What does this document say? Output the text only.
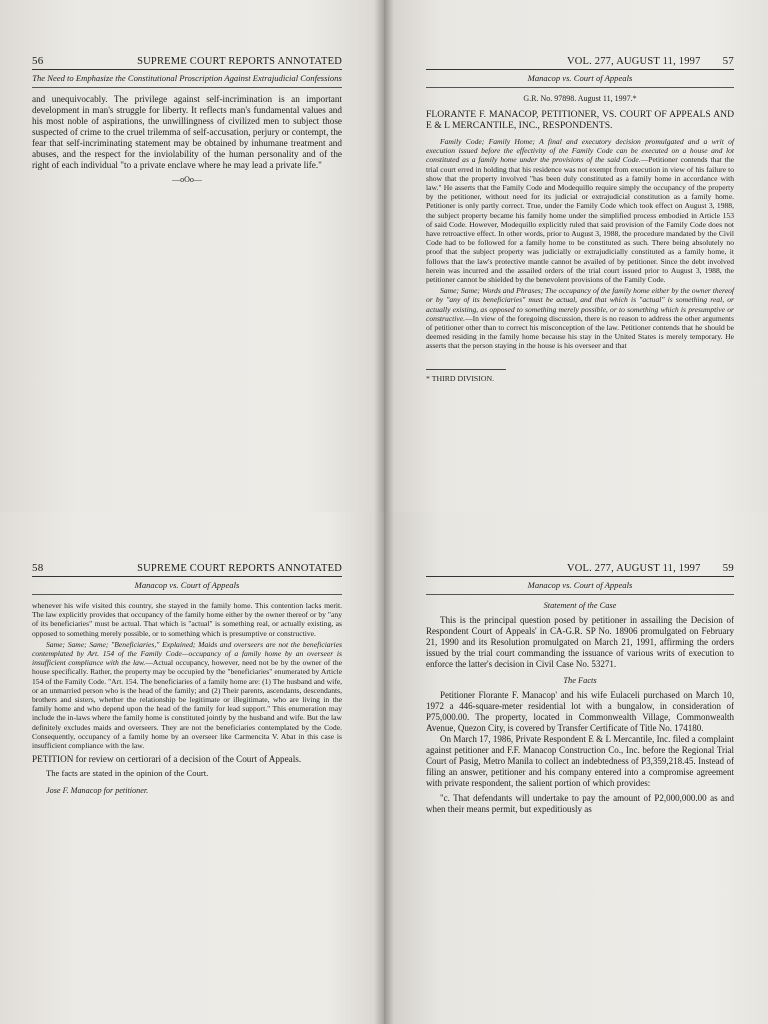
56	SUPREME COURT REPORTS ANNOTATED
The Need to Emphasize the Constitutional Proscription Against Extrajudicial Confessions

and unequivocably. The privilege against self-incrimination is an important development in man's struggle for liberty. It reflects man's fundamental values and his most noble of aspirations, the unwillingness of civilized men to subject those suspected of crime to the cruel trilemma of self-accusation, perjury or contempt, the fear that self-incriminating statement may be obtained by inhumane treatment and abuses, and the respect for the inviolability of the human personality and of the right of each individual "to a private enclave where he may lead a private life."

—oOo—
VOL. 277, AUGUST 11, 1997	57
Manacop vs. Court of Appeals
G.R. No. 97898. August 11, 1997.*

FLORANTE F. MANACOP, PETITIONER, VS. COURT OF APPEALS AND E & L MERCANTILE, INC., RESPONDENTS.

Family Code; Family Home; A final and executory decision promulgated and a writ of execution issued before the effectivity of the Family Code can be executed on a house and lot constituted as a family home under the provisions of the said Code.—Petitioner contends that the trial court erred in holding that his residence was not exempt from execution in view of his failure to show that the property involved "has been duly constituted as a family home in accordance with law." He asserts that the Family Code and Modequillo require simply the occupancy of the property by the petitioner, without need for its judicial or extrajudicial constitution as a family home. Petitioner is only partly correct. True, under the Family Code which took effect on August 3, 1988, the subject property became his family home under the simplified process embodied in Article 153 of said Code. However, Modequillo explicitly ruled that said provision of the Family Code does not have retroactive effect. In other words, prior to August 3, 1988, the procedure mandated by the Civil Code had to be followed for a family home to be constituted as such. There being absolutely no proof that the subject property was judicially or extrajudicially constituted as a family home, it follows that the law's protective mantle cannot be availed of by petitioner. Since the debt involved herein was incurred and the assailed orders of the trial court issued prior to August 3, 1988, the petitioner cannot be shielded by the benevolent provisions of the Family Code.

Same; Same; Words and Phrases; The occupancy of the family home either by the owner thereof or by "any of its beneficiaries" must be actual, and that which is "actual" is something real, or actually existing, as opposed to something merely possible, or to something which is presumptive or constructive.—In view of the foregoing discussion, there is no reason to address the other arguments of petitioner other than to correct his misconception of the law. Petitioner contends that he should be deemed residing in the family home because his stay in the United States is merely temporary. He asserts that the person staying in the house is his overseer and that

* THIRD DIVISION.
58	SUPREME COURT REPORTS ANNOTATED
Manacop vs. Court of Appeals

whenever his wife visited this country, she stayed in the family home. This contention lacks merit. The law explicitly provides that occupancy of the family home either by the owner thereof or by "any of its beneficiaries" must be actual. That which is "actual" is something real, or actually existing, as opposed to something merely possible, or to something which is presumptive or constructive.

Same; Same; Same; "Beneficiaries," Explained; Maids and overseers are not the beneficiaries contemplated by Art. 154 of the Family Code—occupancy of a family home by an overseer is insufficient compliance with the law.—Actual occupancy, however, need not be by the owner of the house specifically. Rather, the property may be occupied by the "beneficiaries" enumerated by Article 154 of the Family Code. "Art. 154. The beneficiaries of a family home are: (1) The husband and wife, or an unmarried person who is the head of the family; and (2) Their parents, ascendants, descendants, brothers and sisters, whether the relationship be legitimate or illegitimate, who are living in the family home and who depend upon the head of the family for lead support." This enumeration may include the in-laws where the family home is constituted jointly by the husband and wife. But the law definitely excludes maids and overseers. They are not the beneficiaries contemplated by the Code. Consequently, occupancy of a family home by an overseer like Carmencita V. Abat in this case is insufficient compliance with the law.

PETITION for review on certiorari of a decision of the Court of Appeals.

The facts are stated in the opinion of the Court.

Jose F. Manacop for petitioner.

VOL. 277, AUGUST 11, 1997	59
Manacop vs. Court of Appeals
Statement of the Case

This is the principal question posed by petitioner in assailing the Decision of Respondent Court of Appeals' in CA-G.R. SP No. 18906 promulgated on February 21, 1990 and its Resolution promulgated on March 21, 1991, affirming the orders issued by the trial court commanding the issuance of various writs of execution to enforce the latter's decision in Civil Case No. 53271.

The Facts

Petitioner Florante F. Manacop' and his wife Eulaceli purchased on March 10, 1972 a 446-square-meter residential lot with a bungalow, in consideration of P75,000.00. The property, located in Commonwealth Village, Commonwealth Avenue, Quezon City, is covered by Transfer Certificate of Title No. 174180.

On March 17, 1986, Private Respondent E & L Mercantile, Inc. filed a complaint against petitioner and F.F. Manacop Construction Co., Inc. before the Regional Trial Court of Pasig, Metro Manila to collect an indebtedness of P3,359,218.45. Instead of filing an answer, petitioner and his company entered into a compromise agreement with private respondent, the salient portion of which provides:

"c. That defendants will undertake to pay the amount of P2,000,000.00 as and when their means permit, but expeditiously as
